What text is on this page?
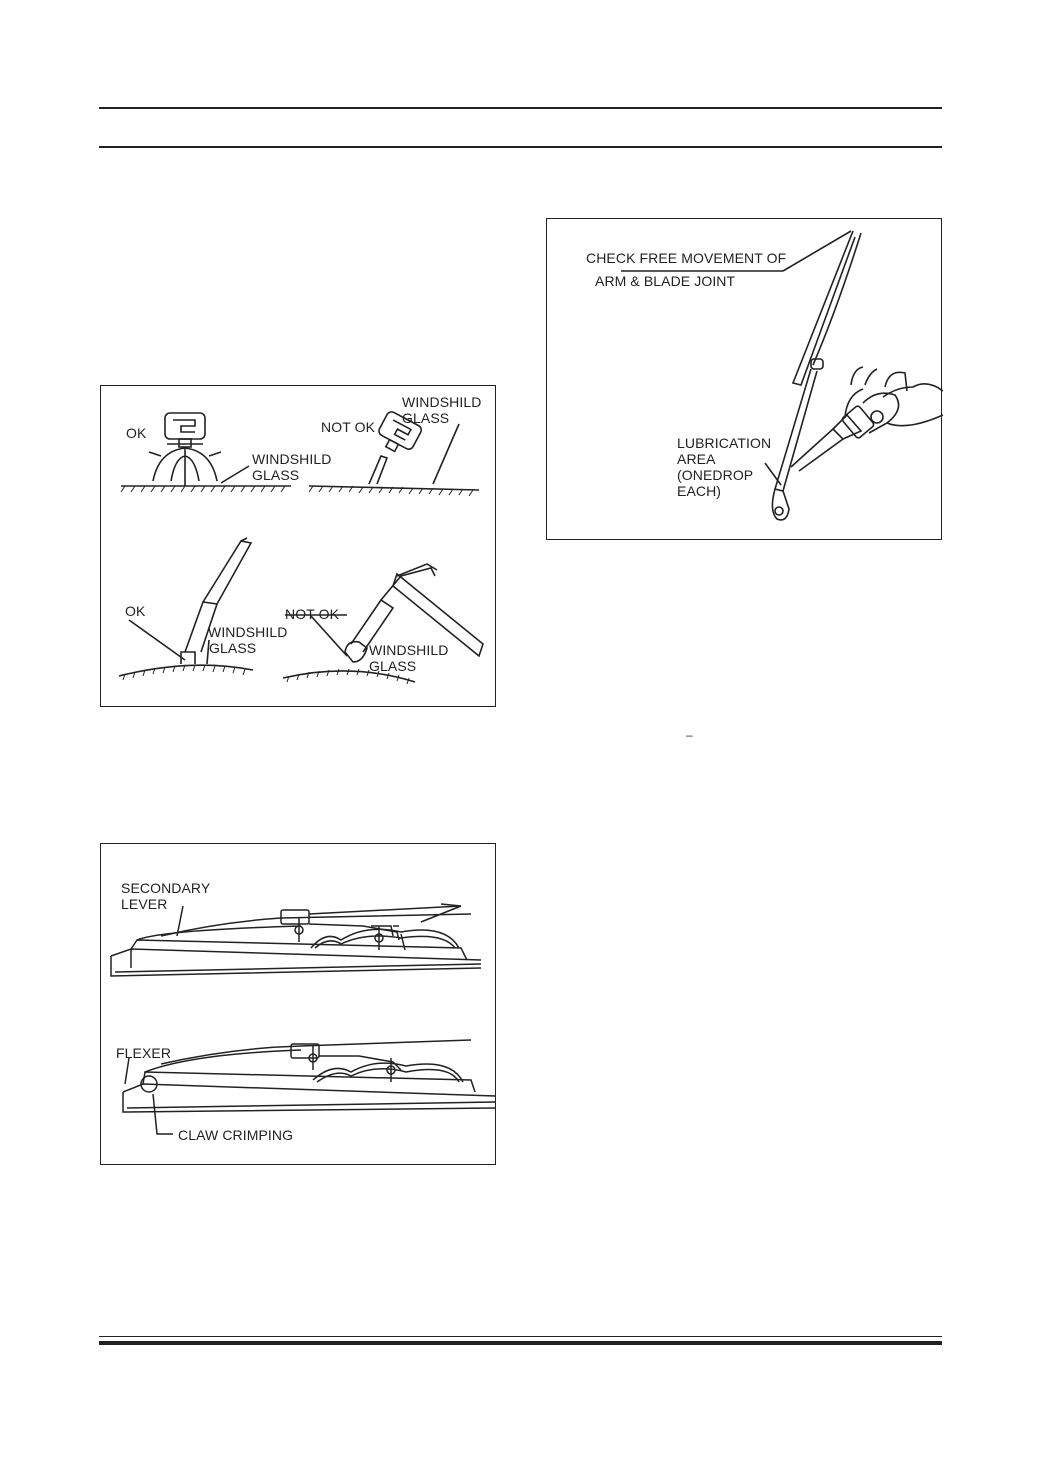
OK
WINDSHILD
GLASS
NOT OK
WINDSHILD
GLASS
OK
WINDSHILD
GLASS
NOT OK
WINDSHILD
GLASS
SECONDARY
LEVER
FLEXER
CLAW CRIMPING
CHECK FREE MOVEMENT OF
ARM & BLADE JOINT
LUBRICATION
AREA
(ONEDROP
EACH)
–
